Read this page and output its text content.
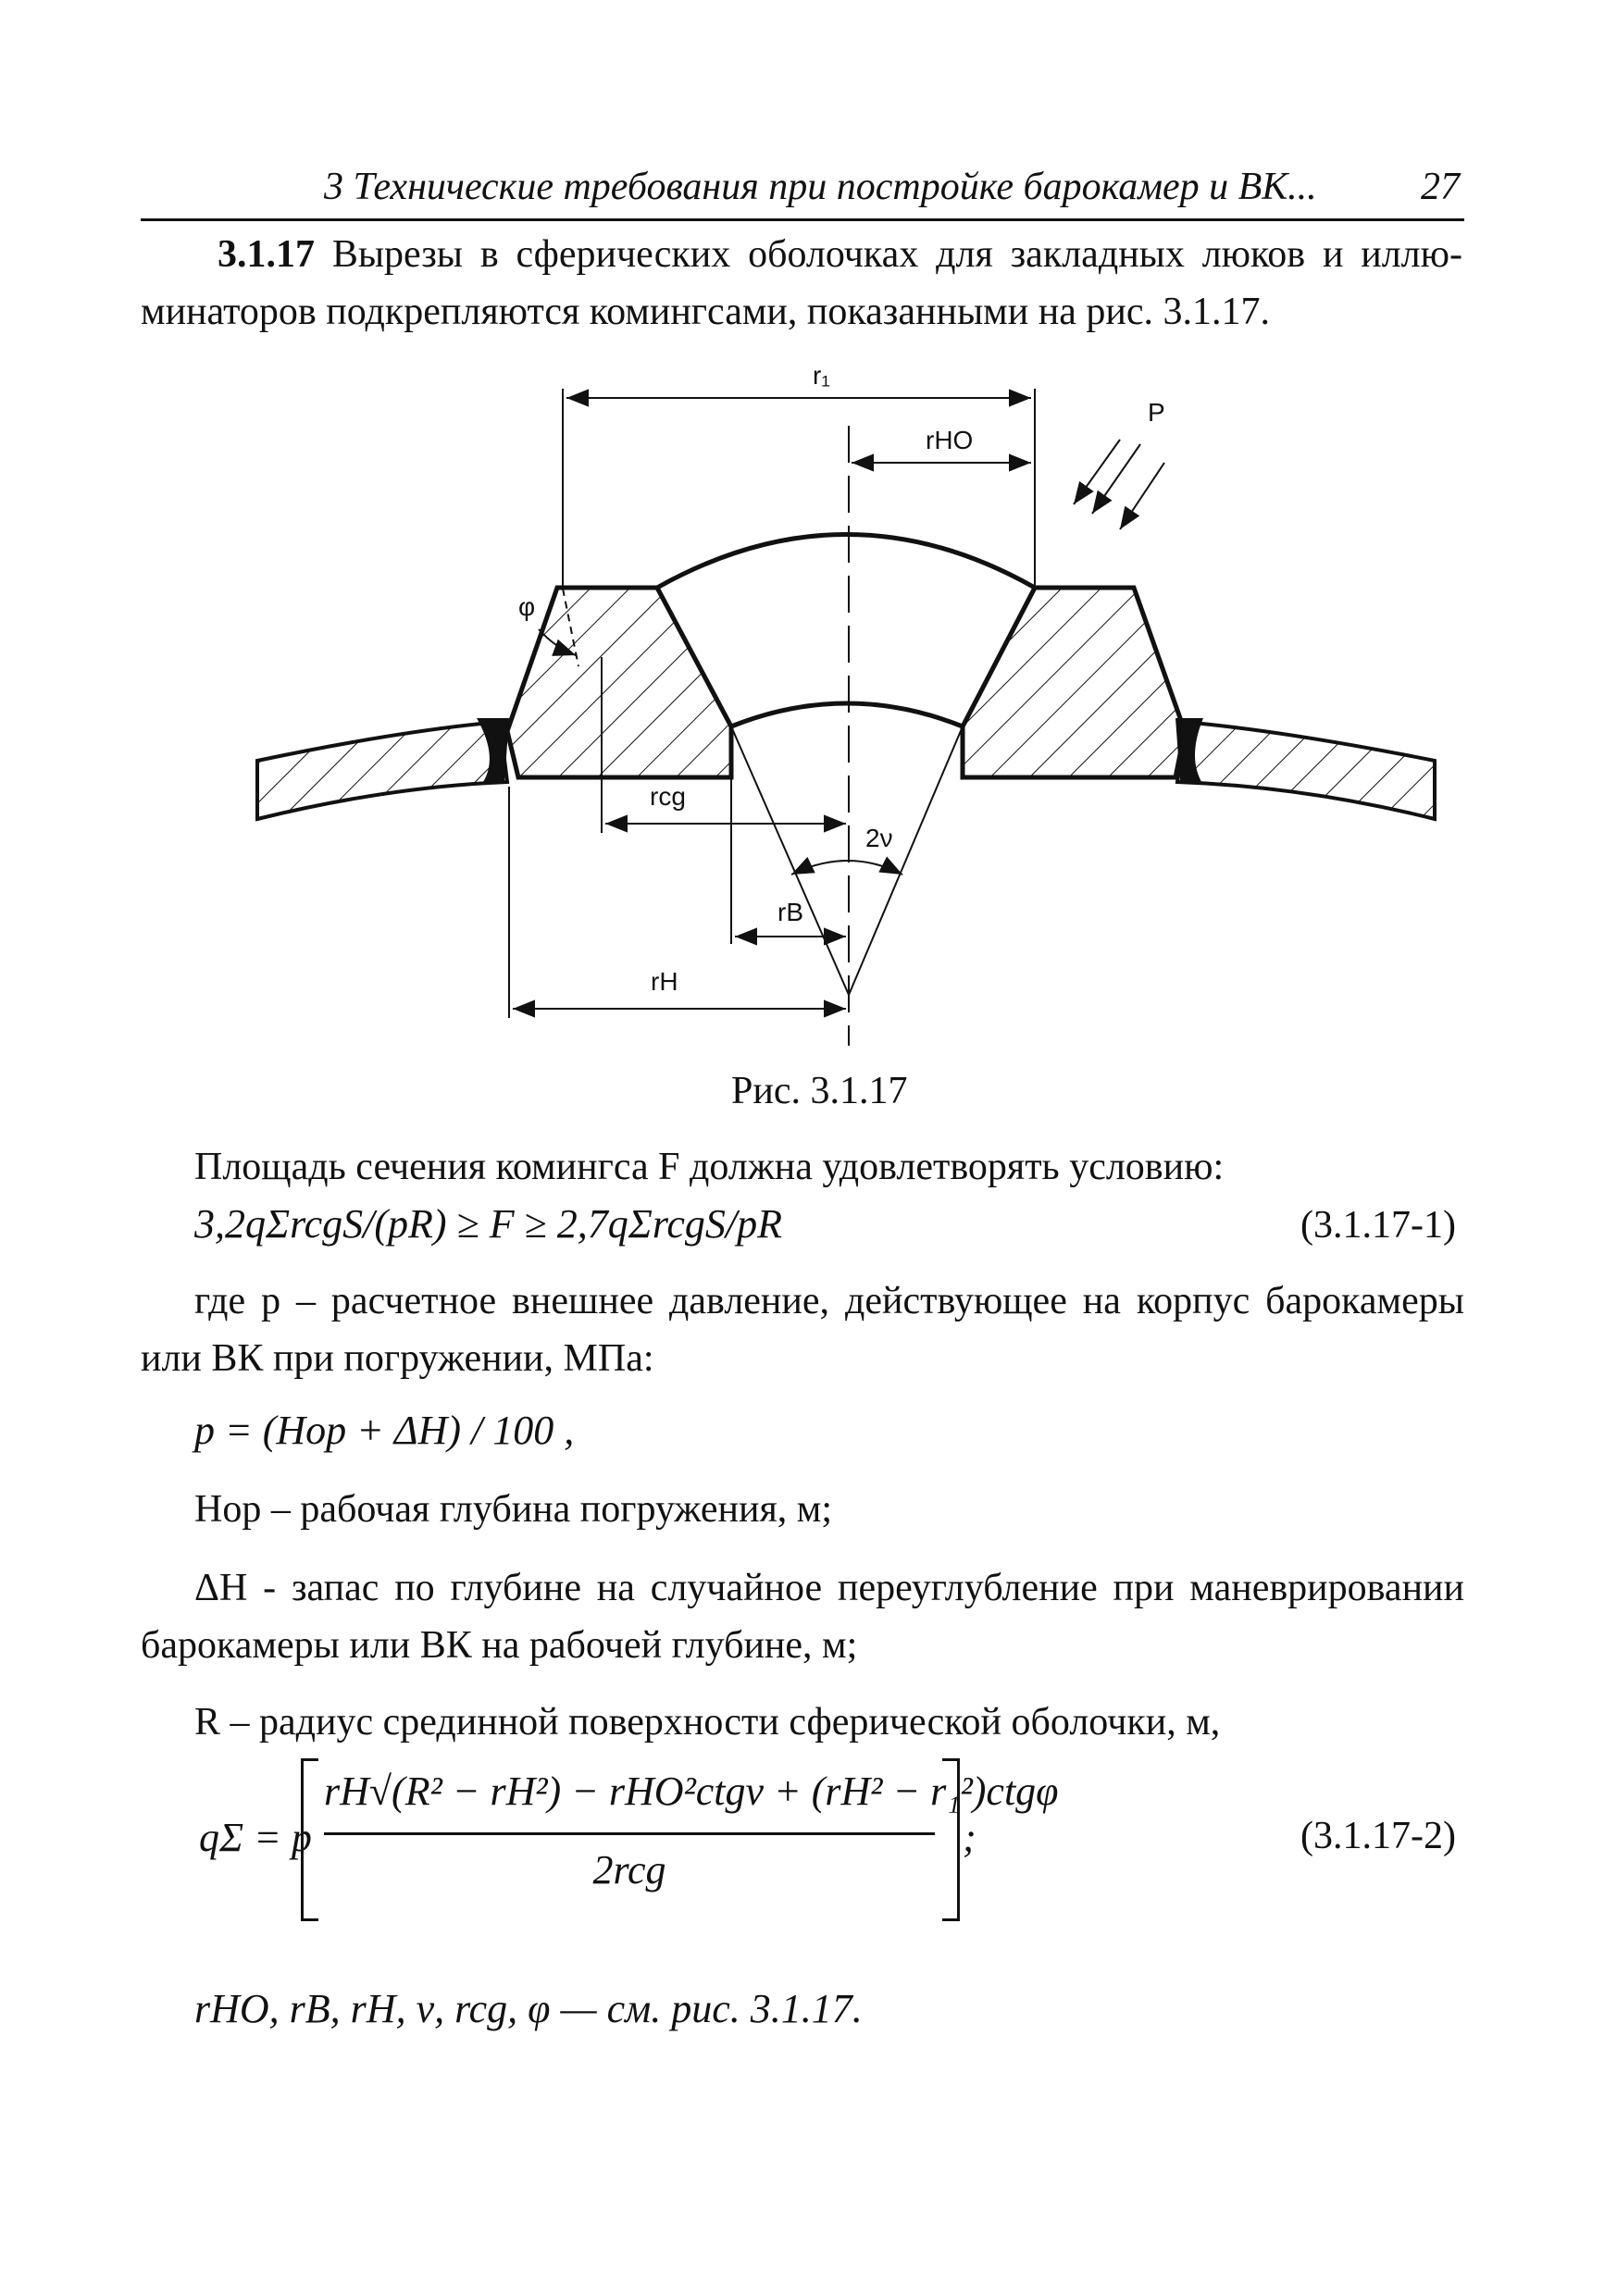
3 Технические требования при постройке барокамер и ВК...	27
3.1.17 Вырезы в сферических оболочках для закладных люков и иллю-
минаторов подкрепляются комингсами, показанными на рис. 3.1.17.
r₁
rНО
P
φ
rcg
2ν
rВ
rН
Рис. 3.1.17
Площадь сечения комингса F должна удовлетворять условию:
3,2qΣrcgS/(pR) ≥ F ≥ 2,7qΣrcgS/pR	(3.1.17-1)
где p – расчетное внешнее давление, действующее на корпус барокамеры
или ВК при погружении, МПа:
p = (Hор + ΔH) / 100 ,
Hор – рабочая глубина погружения, м;
ΔH - запас по глубине на случайное переуглубление при маневрировании
барокамеры или ВК на рабочей глубине, м;
R – радиус срединной поверхности сферической оболочки, м,
qΣ = p
rН√(R² − rН²) − rНО²ctgν + (rН² − r₁²)ctgφ
2rcg
;	(3.1.17-2)
rНО, rВ, rН, ν, rcg, φ — см. рис. 3.1.17.
